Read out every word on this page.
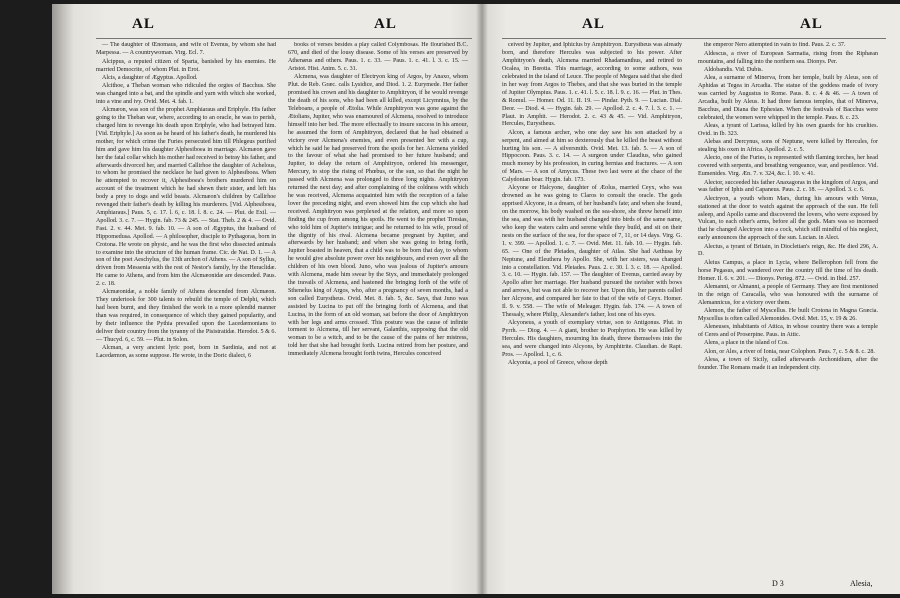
AL	AL

— The daughter of Œnomaus, and wife of Evenus, by whom she had Marpessa. — A countrywoman. Virg. Ecl. 7.

Alcippus, a reputed citizen of Sparta, banished by his enemies. He married Democrite, of whom Plut. in Erot.

Alcis, a daughter of Ægyptus. Apollod.

Alcithoe, a Theban woman who ridiculed the orgies of Bacchus. She was changed into a bat, and the spindle and yarn with which she worked, into a vine and ivy. Ovid. Met. 4. fab. 1.

Alcmæon, was son of the prophet Amphiaraus and Eriphyle. His father going to the Theban war, where, according to an oracle, he was to perish, charged him to revenge his death upon Eriphyle, who had betrayed him. [Vid. Eriphyle.] As soon as he heard of his father's death, he murdered his mother, for which crime the Furies persecuted him till Phlegeus purified him and gave him his daughter Alphesiboea in marriage. Alcmæon gave her the fatal collar which his mother had received to betray his father, and afterwards divorced her, and married Callirhoe the daughter of Achelous, to whom he promised the necklace he had given to Alphesiboea. When he attempted to recover it, Alphesiboea's brothers murdered him on account of the treatment which he had shewn their sister, and left his body a prey to dogs and wild beasts. Alcmæon's children by Callirhoe revenged their father's death by killing his murderers. [Vid. Alphesiboea, Amphiaraus.] Paus. 5, c. 17. l. 6, c. 18. l. 8. c. 24. — Plut. de Exil. — Apollod. 3. c. 7. — Hygin. fab. 73 & 245. — Stat. Theb. 2 & 4. — Ovid. Fast. 2. v. 44. Met. 9. fab. 10. — A son of Ægyptus, the husband of Hippomedusa. Apollod. — A philosopher, disciple to Pythagoras, born in Crotona. He wrote on physic, and he was the first who dissected animals to examine into the structure of the human frame. Cic. de Nat. D. 1. — A son of the poet Aeschylus, the 13th archon of Athens. — A son of Syllus, driven from Messenia with the rest of Nestor's family, by the Heraclidæ. He came to Athens, and from him the Alcmæonidæ are descended. Paus. 2. c. 18.

Alcmæonidæ, a noble family of Athens descended from Alcmæon. They undertook for 300 talents to rebuild the temple of Delphi, which had been burnt, and they finished the work in a more splendid manner than was required, in consequence of which they gained popularity, and by their influence the Pythia prevailed upon the Lacedæmonians to deliver their country from the tyranny of the Pisistratidæ. Herodot. 5 & 6. — Thucyd. 6, c. 59. — Plut. in Solon.

Alcman, a very ancient lyric poet, born in Sardinia, and not at Lacedæmon, as some suppose. He wrote, in the Doric dialect, 6

books of verses besides a play called Colymbosas. He flourished B.C. 670, and died of the lousy disease. Some of his verses are preserved by Athenæus and others. Paus. 1. c. 33. — Paus. 1. c. 41. l. 3. c. 15. — Aristot. Hist. Anim. 5. c. 31.

Alcmena, was daughter of Electryon king of Argos, by Anaxo, whom Plut. de Reb. Græc. calls Lysidice, and Diod. 1. 2. Eurymede. Her father promised his crown and his daughter to Amphitryon, if he would revenge the death of his sons, who had been all killed, except Licymnius, by the Teleboans, a people of Ætolia. While Amphitryon was gone against the Ætolians, Jupiter, who was enamoured of Alcmena, resolved to introduce himself into her bed. The more effectually to insure success in his amour, he assumed the form of Amphitryon, declared that he had obtained a victory over Alcmena's enemies, and even presented her with a cup, which he said he had preserved from the spoils for her. Alcmena yielded to the favour of what she had promised to her future husband; and Jupiter, to delay the return of Amphitryon, ordered his messenger, Mercury, to stop the rising of Phœbus, or the sun, so that the night he passed with Alcmena was prolonged to three long nights. Amphitryon returned the next day; and after complaining of the coldness with which he was received, Alcmena acquainted him with the reception of a false lover the preceding night, and even showed him the cup which she had received. Amphitryon was perplexed at the relation, and more so upon finding the cup from among his spoils. He went to the prophet Tiresias, who told him of Jupiter's intrigue; and he returned to his wife, proud of the dignity of his rival. Alcmena became pregnant by Jupiter, and afterwards by her husband; and when she was going to bring forth, Jupiter boasted in heaven, that a child was to be born that day, to whom he would give absolute power over his neighbours, and even over all the children of his own blood. Juno, who was jealous of Jupiter's amours with Alcmena, made him swear by the Styx, and immediately prolonged the travails of Alcmena, and hastened the bringing forth of the wife of Sthenelus king of Argos, who, after a pregnancy of seven months, had a son called Eurystheus. Ovid. Met. 8. fab. 5, &c. Says, that Juno was assisted by Lucina to put off the bringing forth of Alcmena, and that Lucina, in the form of an old woman, sat before the door of Amphitryon with her legs and arms crossed. This posture was the cause of infinite torment to Alcmena, till her servant, Galanthis, supposing that the old woman to be a witch, and to be the cause of the pains of her mistress, told her that she had brought forth. Lucina retired from her posture, and immediately Alcmena brought forth twins, Hercules conceived

AL	AL

ceived by Jupiter, and Iphiclus by Amphitryon. Eurystheus was already born, and therefore Hercules was subjected to his power. After Amphitryon's death, Alcmena married Rhadamanthus, and retired to Ocalea, in Bœotia. This marriage, according to some authors, was celebrated in the island of Leuce. The people of Megara said that she died in her way from Argos to Thebes, and that she was buried in the temple of Jupiter Olympius. Paus. 1. c. 41. l. 5. c. 18. l. 9. c. 16. — Plut. in Thes. & Romul. — Homer. Od. 11. II. 19. — Pindar. Pyth. 9. — Lucian. Dial. Deor. — Diod. 4. — Hygin. fab. 29. — Apollod. 2. c. 4. 7. l. 3. c. 1. — Plaut. in Amphit. — Herodot. 2. c. 43 & 45. — Vid. Amphitryon, Hercules, Eurystheus.

Alcon, a famous archer, who one day saw his son attacked by a serpent, and aimed at him so dexterously that he killed the beast without hurting his son. — A silversmith. Ovid. Met. 13. fab. 5. — A son of Hippocoon. Paus. 3. c. 14. — A surgeon under Claudius, who gained much money by his profession, in curing hernias and fractures. — A son of Mars. — A son of Amycus. These two last were at the chace of the Calydonian boar. Hygin. fab. 173.

Alcyone or Halcyone, daughter of Æolus, married Ceyx, who was drowned as he was going to Claros to consult the oracle. The gods apprised Alcyone, in a dream, of her husband's fate; and when she found, on the morrow, his body washed on the sea-shore, she threw herself into the sea, and was with her husband changed into birds of the same name, who keep the waters calm and serene while they build, and sit on their nests on the surface of the sea, for the space of 7, 11, or 14 days. Virg. G. 1. v. 399. — Apollod. 1. c. 7. — Ovid. Met. 11. fab. 10. — Hygin. fab. 65. — One of the Pleiades, daughter of Atlas. She had Aethusa by Neptune, and Eleuthera by Apollo. She, with her sisters, was changed into a constellation. Vid. Pleiades. Paus. 2. c. 30. l. 3. c. 18. — Apollod. 3. c. 10. — Hygin. fab. 157. — The daughter of Evenus, carried away by Apollo after her marriage. Her husband pursued the ravisher with bows and arrows, but was not able to recover her. Upon this, her parents called her Alcyone, and compared her fate to that of the wife of Ceyx. Homer. Il. 9. v. 558. — The wife of Meleager. Hygin. fab. 174. — A town of Thessaly, where Philip, Alexander's father, lost one of his eyes.

Alcyoneus, a youth of exemplary virtue, son to Antigonus. Plut. in Pyrrh. — Diog. 4. — A giant, brother to Porphyrion. He was killed by Hercules. His daughters, mourning his death, threw themselves into the sea, and were changed into Alcyons, by Amphitrite. Claudian. de Rapt. Pros. — Apollod. 1, c. 6.

Alcyonia, a pool of Greece, whose depth

the emperor Nero attempted in vain to find. Paus. 2. c. 37.

Aldescus, a river of European Sarmatia, rising from the Riphæan mountains, and falling into the northern sea. Dionys. Per.

Aldobandis. Vid. Dubis.

Alea, a surname of Minerva, from her temple, built by Aleus, son of Aphidas at Tegea in Arcadia. The statue of the goddess made of ivory was carried by Augustus to Rome. Paus. 8. c. 4 & 46. — A town of Arcadia, built by Aleus. It had three famous temples, that of Minerva, Bacchus, and Diana the Ephesian. When the festivals of Bacchus were celebrated, the women were whipped in the temple. Paus. 8. c. 23.

Aleas, a tyrant of Larissa, killed by his own guards for his cruelties. Ovid. in Ib. 323.

Alebas and Dercynus, sons of Neptune, were killed by Hercules, for stealing his oxen in Africa. Apollod. 2. c. 5.

Alecto, one of the Furies, is represented with flaming torches, her head covered with serpents, and breathing vengeance, war, and pestilence. Vid. Eumenides. Virg. Æn. 7. v. 324, &c. l. 10. v. 41.

Alector, succeeded his father Anaxagoras in the kingdom of Argos, and was father of Iphis and Capaneus. Paus. 2. c. 18. — Apollod. 3. c. 6.

Alectryon, a youth whom Mars, during his amours with Venus, stationed at the door to watch against the approach of the sun. He fell asleep, and Apollo came and discovered the lovers, who were exposed by Vulcan, to each other's arms, before all the gods. Mars was so incensed that he changed Alectryon into a cock, which still mindful of his neglect, early announces the approach of the sun. Lucian. in Alect.

Alectus, a tyrant of Britain, in Diocletian's reign, &c. He died 296, A. D.

Aleius Campus, a place in Lycia, where Bellerophon fell from the horse Pegasus, and wandered over the country till the time of his death. Homer. Il. 6. v. 201. — Dionys. Perieg. 872. — Ovid. in Ibid. 257.

Alemanni, or Almanni, a people of Germany. They are first mentioned in the reign of Caracalla, who was honoured with the surname of Alemannicus, for a victory over them.

Alemon, the father of Myscellus. He built Crotona in Magna Græcia. Myscellus is often called Alemonides. Ovid. Met. 15, v. 19 & 26.

Aleneuses, inhabitants of Attica, in whose country there was a temple of Ceres and of Proserpine. Paus. in Attic.

Alens, a place in the island of Cos.

Alon, or Ales, a river of Ionia, near Colophon. Paus. 7, c. 5 & 8. c. 28.

Alesa, a town of Sicily, called afterwards Archonidium, after the founder. The Romans made it an independent city.

D 3	Alesia,
